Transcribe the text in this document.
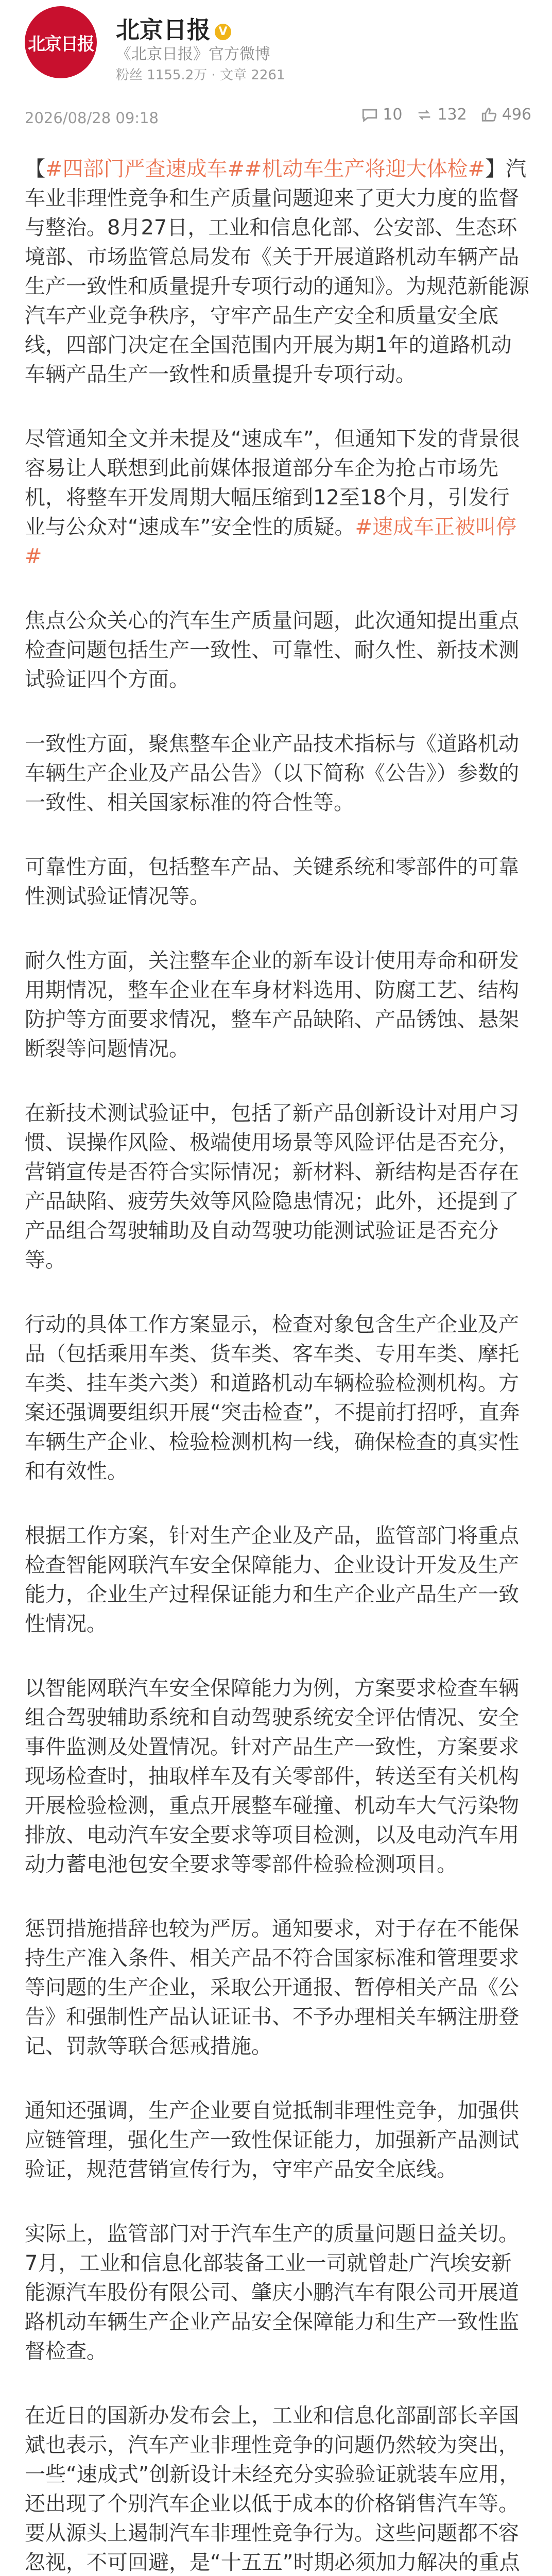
北京日报
北京日报 V
《北京日报》官方微博
粉丝 1155.2万 · 文章 2261
2026/08/28 09:18	10 132 496

【#四部门严查速成车##机动车生产将迎大体检#】汽车业非理性竞争和生产质量问题迎来了更大力度的监督与整治。8月27日，工业和信息化部、公安部、生态环境部、市场监管总局发布《关于开展道路机动车辆产品生产一致性和质量提升专项行动的通知》。为规范新能源汽车产业竞争秩序，守牢产品生产安全和质量安全底线，四部门决定在全国范围内开展为期1年的道路机动车辆产品生产一致性和质量提升专项行动。

尽管通知全文并未提及“速成车”，但通知下发的背景很容易让人联想到此前媒体报道部分车企为抢占市场先机，将整车开发周期大幅压缩到12至18个月，引发行业与公众对“速成车”安全性的质疑。#速成车正被叫停#

焦点公众关心的汽车生产质量问题，此次通知提出重点检查问题包括生产一致性、可靠性、耐久性、新技术测试验证四个方面。

一致性方面，聚焦整车企业产品技术指标与《道路机动车辆生产企业及产品公告》（以下简称《公告》）参数的一致性、相关国家标准的符合性等。

可靠性方面，包括整车产品、关键系统和零部件的可靠性测试验证情况等。

耐久性方面，关注整车企业的新车设计使用寿命和研发用期情况，整车企业在车身材料选用、防腐工艺、结构防护等方面要求情况，整车产品缺陷、产品锈蚀、悬架断裂等问题情况。

在新技术测试验证中，包括了新产品创新设计对用户习惯、误操作风险、极端使用场景等风险评估是否充分，营销宣传是否符合实际情况；新材料、新结构是否存在产品缺陷、疲劳失效等风险隐患情况；此外，还提到了产品组合驾驶辅助及自动驾驶功能测试验证是否充分等。

行动的具体工作方案显示，检查对象包含生产企业及产品（包括乘用车类、货车类、客车类、专用车类、摩托车类、挂车类六类）和道路机动车辆检验检测机构。方案还强调要组织开展“突击检查”，不提前打招呼，直奔车辆生产企业、检验检测机构一线，确保检查的真实性和有效性。

根据工作方案，针对生产企业及产品，监管部门将重点检查智能网联汽车安全保障能力、企业设计开发及生产能力，企业生产过程保证能力和生产企业产品生产一致性情况。

以智能网联汽车安全保障能力为例，方案要求检查车辆组合驾驶辅助系统和自动驾驶系统安全评估情况、安全事件监测及处置情况。针对产品生产一致性，方案要求现场检查时，抽取样车及有关零部件，转送至有关机构开展检验检测，重点开展整车碰撞、机动车大气污染物排放、电动汽车安全要求等项目检测，以及电动汽车用动力蓄电池包安全要求等零部件检验检测项目。

惩罚措施措辞也较为严厉。通知要求，对于存在不能保持生产准入条件、相关产品不符合国家标准和管理要求等问题的生产企业，采取公开通报、暂停相关产品《公告》和强制性产品认证证书、不予办理相关车辆注册登记、罚款等联合惩戒措施。

通知还强调，生产企业要自觉抵制非理性竞争，加强供应链管理，强化生产一致性保证能力，加强新产品测试验证，规范营销宣传行为，守牢产品安全底线。

实际上，监管部门对于汽车生产的质量问题日益关切。7月，工业和信息化部装备工业一司就曾赴广汽埃安新能源汽车股份有限公司、肇庆小鹏汽车有限公司开展道路机动车辆生产企业产品安全保障能力和生产一致性监督检查。

在近日的国新办发布会上，工业和信息化部副部长辛国斌也表示，汽车产业非理性竞争的问题仍然较为突出，一些“速成式”创新设计未经充分实验验证就装车应用，还出现了个别汽车企业以低于成本的价格销售汽车等。要从源头上遏制汽车非理性竞争行为。这些问题都不容忽视，不可回避，是“十五五”时期必须加力解决的重点
